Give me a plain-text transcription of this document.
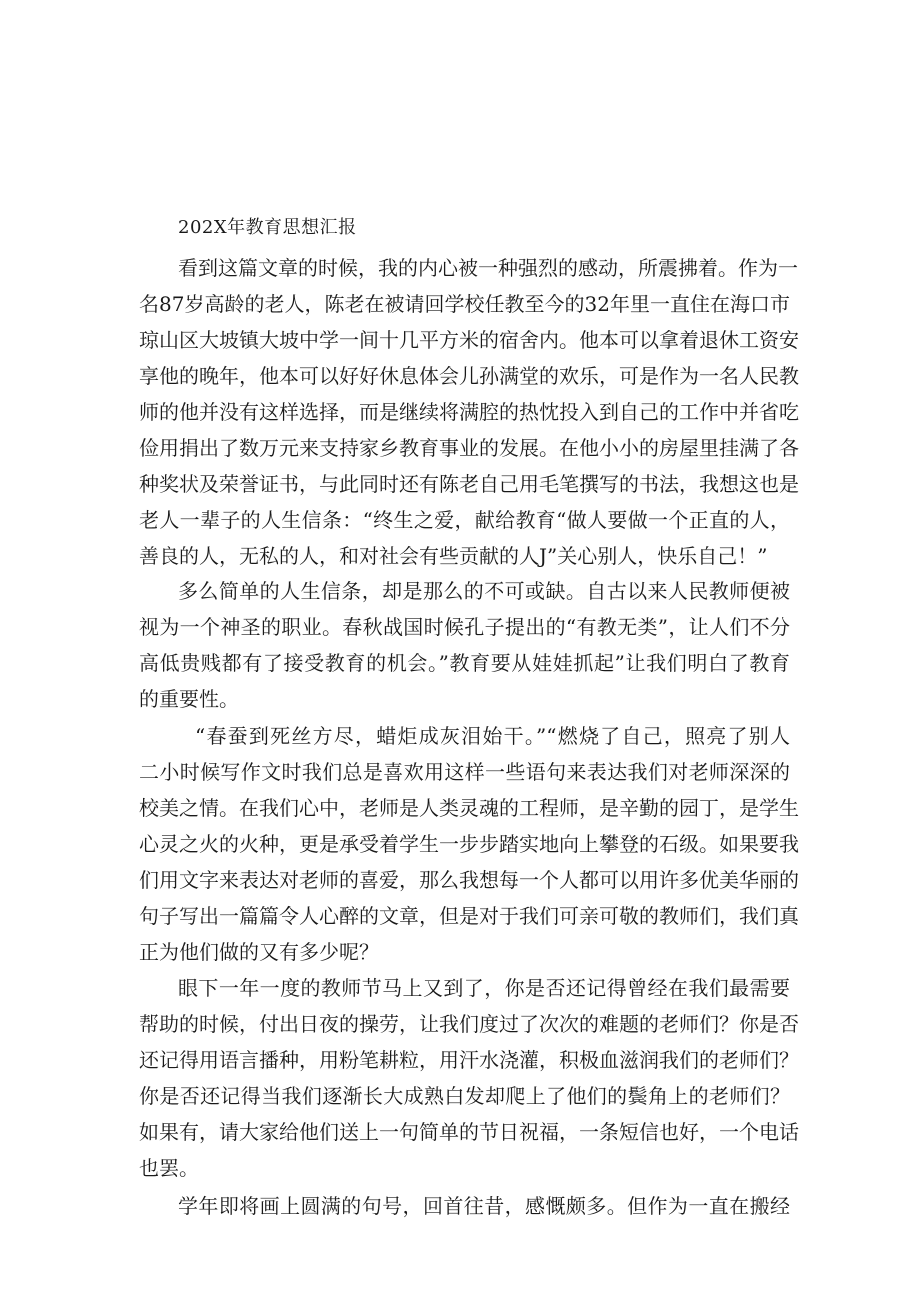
202X年教育思想汇报
看到这篇文章的时候，我的内心被一种强烈的感动，所震拂着。作为一
名87岁高龄的老人，陈老在被请回学校任教至今的32年里一直住在海口市
琼山区大坡镇大坡中学一间十几平方米的宿舍内。他本可以拿着退休工资安
享他的晚年，他本可以好好休息体会儿孙满堂的欢乐，可是作为一名人民教
师的他并没有这样选择，而是继续将满腔的热忱投入到自己的工作中并省吃
俭用捐出了数万元来支持家乡教育事业的发展。在他小小的房屋里挂满了各
种奖状及荣誉证书，与此同时还有陈老自己用毛笔撰写的书法，我想这也是
老人一辈子的人生信条：“终生之爱，献给教育“做人要做一个正直的人，
善良的人，无私的人，和对社会有些贡献的人J”关心别人，快乐自己！”
多么简单的人生信条，却是那么的不可或缺。自古以来人民教师便被
视为一个神圣的职业。春秋战国时候孔子提出的“有教无类”，让人们不分
高低贵贱都有了接受教育的机会。”教育要从娃娃抓起”让我们明白了教育
的重要性。
“春蚕到死丝方尽，蜡炬成灰泪始干。”“燃烧了自己，照亮了别人
二小时候写作文时我们总是喜欢用这样一些语句来表达我们对老师深深的
校美之情。在我们心中，老师是人类灵魂的工程师，是辛勤的园丁，是学生
心灵之火的火种，更是承受着学生一步步踏实地向上攀登的石级。如果要我
们用文字来表达对老师的喜爱，那么我想每一个人都可以用许多优美华丽的
句子写出一篇篇令人心醉的文章，但是对于我们可亲可敬的教师们，我们真
正为他们做的又有多少呢？
眼下一年一度的教师节马上又到了，你是否还记得曾经在我们最需要
帮助的时候，付出日夜的操劳，让我们度过了次次的难题的老师们？你是否
还记得用语言播种，用粉笔耕粒，用汗水浇灌，积极血滋润我们的老师们？
你是否还记得当我们逐渐长大成熟白发却爬上了他们的鬓角上的老师们？
如果有，请大家给他们送上一句简单的节日祝福，一条短信也好，一个电话
也罢。
学年即将画上圆满的句号，回首往昔，感慨颇多。但作为一直在搬经
